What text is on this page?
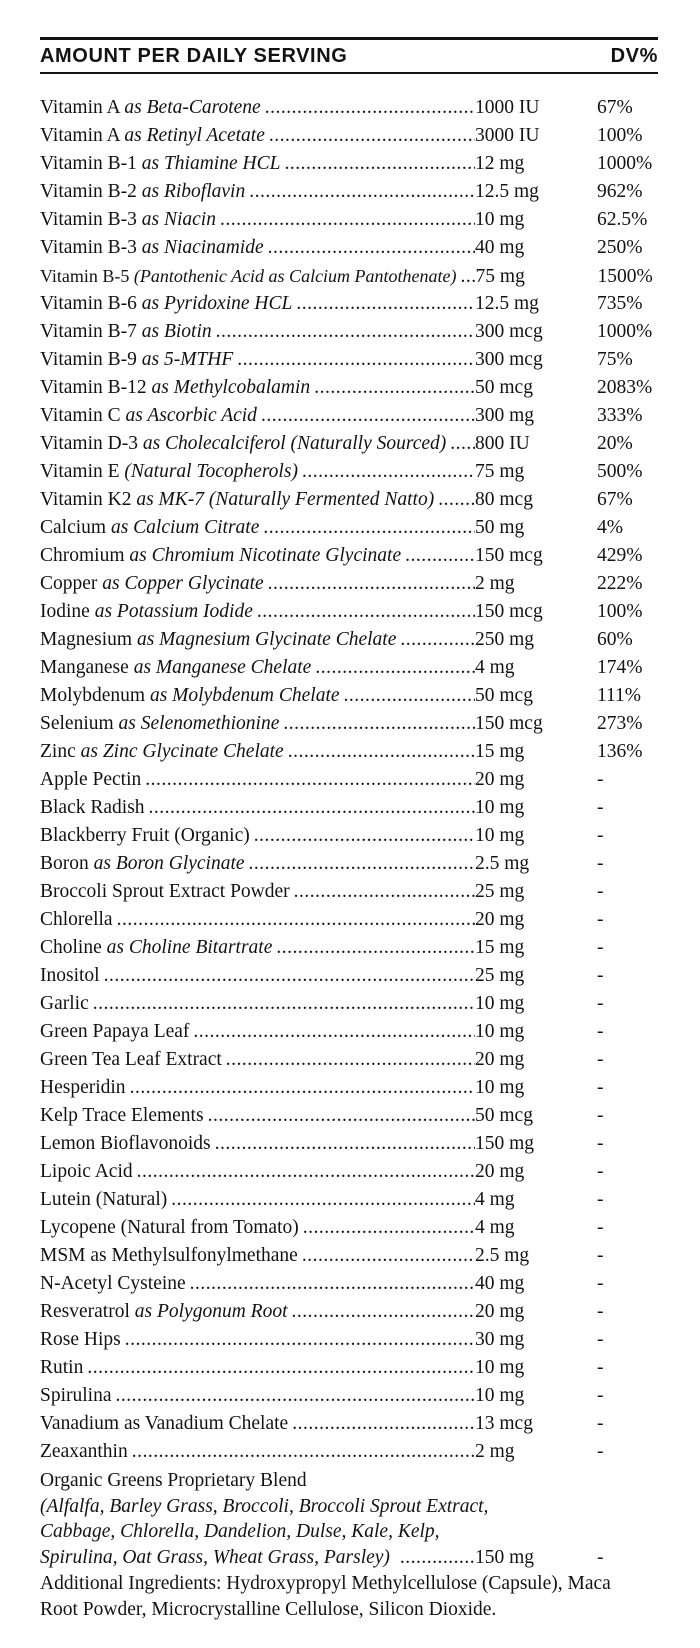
AMOUNT PER DAILY SERVING	DV%
Vitamin A as Beta-Carotene .....	1000 IU	67%
Vitamin A as Retinyl Acetate .....	3000 IU	100%
Vitamin B-1 as Thiamine HCL .....	12 mg	1000%
Vitamin B-2 as Riboflavin .....	12.5 mg	962%
Vitamin B-3 as Niacin .....	10 mg	62.5%
Vitamin B-3 as Niacinamide .....	40 mg	250%
Vitamin B-5 (Pantothenic Acid as Calcium Pantothenate) ..... 75 mg	1500%
Vitamin B-6 as Pyridoxine HCL .....	12.5 mg	735%
Vitamin B-7 as Biotin .....	300 mcg	1000%
Vitamin B-9 as 5-MTHF .....	300 mcg	75%
Vitamin B-12 as Methylcobalamin .....	50 mcg	2083%
Vitamin C as Ascorbic Acid .....	300 mg	333%
Vitamin D-3 as Cholecalciferol (Naturally Sourced) ..... 800 IU	20%
Vitamin E (Natural Tocopherols) .....	75 mg	500%
Vitamin K2 as MK-7 (Naturally Fermented Natto) ..... 80 mcg	67%
Calcium as Calcium Citrate .....	50 mg	4%
Chromium as Chromium Nicotinate Glycinate .....	150 mcg	429%
Copper as Copper Glycinate .....	2 mg	222%
Iodine as Potassium Iodide .....	150 mcg	100%
Magnesium as Magnesium Glycinate Chelate .....	250 mg	60%
Manganese as Manganese Chelate .....	4 mg	174%
Molybdenum as Molybdenum Chelate .....	50 mcg	111%
Selenium as Selenomethionine .....	150 mcg	273%
Zinc as Zinc Glycinate Chelate .....	15 mg	136%
Apple Pectin .....	20 mg	-
Black Radish .....	10 mg	-
Blackberry Fruit (Organic) .....	10 mg	-
Boron as Boron Glycinate .....	2.5 mg	-
Broccoli Sprout Extract Powder .....	25 mg	-
Chlorella .....	20 mg	-
Choline as Choline Bitartrate .....	15 mg	-
Inositol .....	25 mg	-
Garlic .....	10 mg	-
Green Papaya Leaf .....	10 mg	-
Green Tea Leaf Extract .....	20 mg	-
Hesperidin .....	10 mg	-
Kelp Trace Elements .....	50 mcg	-
Lemon Bioflavonoids .....	150 mg	-
Lipoic Acid .....	20 mg	-
Lutein (Natural) .....	4 mg	-
Lycopene (Natural from Tomato) .....	4 mg	-
MSM as Methylsulfonylmethane .....	2.5 mg	-
N-Acetyl Cysteine .....	40 mg	-
Resveratrol as Polygonum Root .....	20 mg	-
Rose Hips .....	30 mg	-
Rutin .....	10 mg	-
Spirulina .....	10 mg	-
Vanadium as Vanadium Chelate .....	13 mcg	-
Zeaxanthin .....	2 mg	-
Organic Greens Proprietary Blend
(Alfalfa, Barley Grass, Broccoli, Broccoli Sprout Extract,
Cabbage, Chlorella, Dandelion, Dulse, Kale, Kelp,
Spirulina, Oat Grass, Wheat Grass, Parsley) .....	150 mg	-
Additional Ingredients: Hydroxypropyl Methylcellulose (Capsule), Maca Root Powder, Microcrystalline Cellulose, Silicon Dioxide.
